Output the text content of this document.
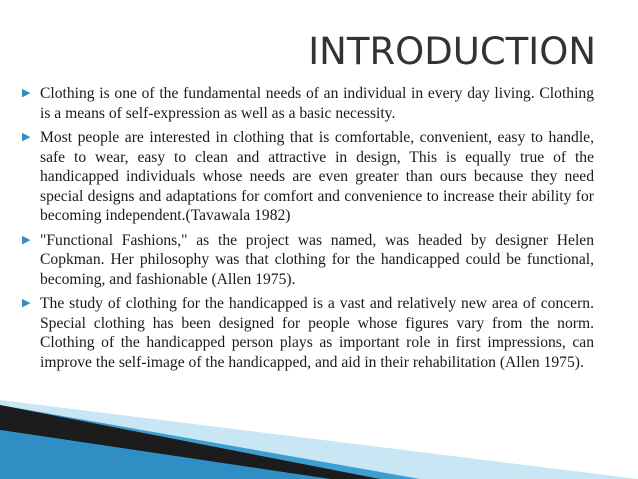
INTRODUCTION
▶ Clothing is one of the fundamental needs of an individual in every day living. Clothing is a means of self-expression as well as a basic necessity.
▶ Most people are interested in clothing that is comfortable, convenient, easy to handle, safe to wear, easy to clean and attractive in design, This is equally true of the handicapped individuals whose needs are even greater than ours because they need special designs and adaptations for comfort and convenience to increase their ability for becoming independent.(Tavawala 1982)
▶ "Functional Fashions," as the project was named, was headed by designer Helen Copkman. Her philosophy was that clothing for the handicapped could be functional, becoming, and fashionable (Allen 1975).
▶ The study of clothing for the handicapped is a vast and relatively new area of concern. Special clothing has been designed for people whose figures vary from the norm. Clothing of the handicapped person plays as important role in first impressions, can improve the self-image of the handicapped, and aid in their rehabilitation (Allen 1975).
